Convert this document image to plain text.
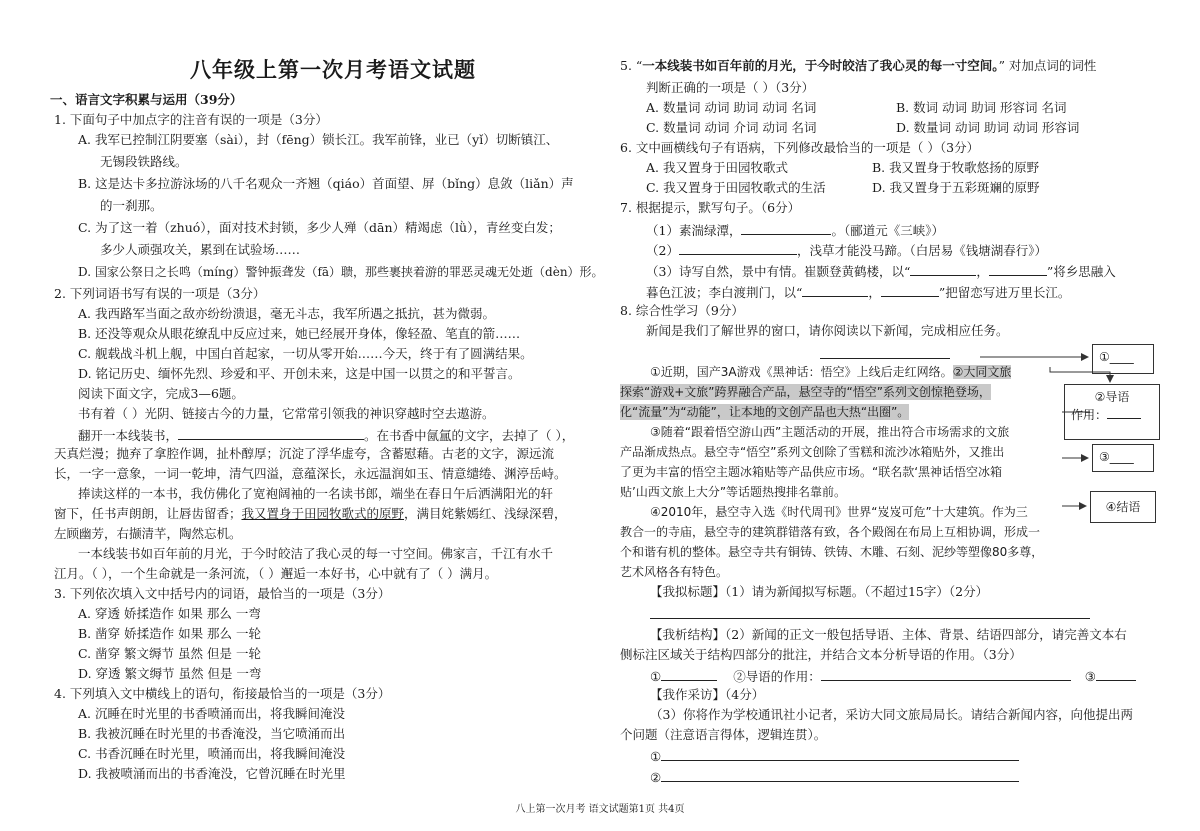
八年级上第一次月考语文试题
一、语言文字积累与运用（39分）
1. 下面句子中加点字的注音有误的一项是（3分）
A. 我军已控制江阴要塞（sài），封（fēng）锁长江。我军前锋，业已（yǐ）切断镇江、
无锡段铁路线。
B. 这是达卡多拉游泳场的八千名观众一齐翘（qiáo）首面望、屏（bǐng）息敛（liǎn）声
的一刹那。
C. 为了这一着（zhuó），面对技术封锁，多少人殚（dān）精竭虑（lǜ），青丝变白发；
多少人顽强攻关，累到在试验场……
D. 国家公祭日之长鸣（míng）警钟振聋发（fā）聩，那些裹挟着游的罪恶灵魂无处逝（dèn）形。
2. 下列词语书写有误的一项是（3分）
A. 我西路军当面之敌亦纷纷溃退，毫无斗志，我军所遇之抵抗，甚为微弱。
B. 还没等观众从眼花缭乱中反应过来，她已经展开身体，像轻盈、笔直的箭……
C. 舰载战斗机上舰，中国白首起家，一切从零开始……今天，终于有了圆满结果。
D. 铭记历史、缅怀先烈、珍爱和平、开创未来，这是中国一以贯之的和平誓言。
阅读下面文字，完成3—6题。
书有着（ ）光阴、链接古今的力量，它常常引领我的神识穿越时空去遨游。
翻开一本线装书，	。在书香中氤氲的文字，去掉了（ ），
天真烂漫；抛弃了拿腔作调，扯朴醇厚；沉淀了浮华虚夸，含蓄慰藉。古老的文字，源远流
长，一字一意象，一词一乾坤，清气四溢，意蕴深长，永远温润如玉、情意缱绻、渊渟岳峙。
捧读这样的一本书，我仿佛化了宽袍阔袖的一名读书郎，端坐在春日午后洒满阳光的轩
窗下，任书声朗朗，让唇齿留香；我又置身于田园牧歌式的原野，满目姹紫嫣红、浅绿深碧，
左顾幽芳，右撷清芊，陶然忘机。
一本线装书如百年前的月光，于今时皎洁了我心灵的每一寸空间。佛家言，千江有水千
江月。（ ），一个生命就是一条河流，（ ）邂逅一本好书，心中就有了（ ）满月。
3. 下列依次填入文中括号内的词语，最恰当的一项是（3分）
A. 穿透 娇揉造作 如果 那么 一弯
B. 凿穿 娇揉造作 如果 那么 一轮
C. 凿穿 繁文缛节 虽然 但是 一轮
D. 穿透 繁文缛节 虽然 但是 一弯
4. 下列填入文中横线上的语句，衔接最恰当的一项是（3分）
A. 沉睡在时光里的书香喷涌而出，将我瞬间淹没
B. 我被沉睡在时光里的书香淹没，当它喷涌而出
C. 书香沉睡在时光里，喷涌而出，将我瞬间淹没
D. 我被喷涌而出的书香淹没，它曾沉睡在时光里
5. “一本线装书如百年前的月光，于今时皎洁了我心灵的每一寸空间。” 对加点词的词性
判断正确的一项是（ ）（3分）
A. 数量词 动词 助词 动词 名词	B. 数词 动词 助词 形容词 名词
C. 数量词 动词 介词 动词 名词	D. 数量词 动词 助词 动词 形容词
6. 文中画横线句子有语病，下列修改最恰当的一项是（ ）（3分）
A. 我又置身于田园牧歌式	B. 我又置身于牧歌悠扬的原野
C. 我又置身于田园牧歌式的生活	D. 我又置身于五彩斑斓的原野
7. 根据提示，默写句子。（6分）
（1）素湍绿潭，	。（郦道元《三峡》）
（2）	，浅草才能没马蹄。（白居易《钱塘湖春行》）
（3）诗写自然，景中有情。崔颢登黄鹤楼，以“	，	”将乡思融入
暮色江波；李白渡荆门，以“	，	”把留恋写进万里长江。
8. 综合性学习（9分）
新闻是我们了解世界的窗口，请你阅读以下新闻，完成相应任务。
①近期，国产3A游戏《黑神话：悟空》上线后走红网络。②大同文旅
探索“游戏+文旅”跨界融合产品，悬空寺的“悟空”系列文创惊艳登场，
化“流量”为“动能”，让本地的文创产品也大热“出圈”。
③随着“跟着悟空游山西”主题活动的开展，推出符合市场需求的文旅
产品渐成热点。悬空寺“悟空”系列文创除了雪糕和流沙冰箱贴外，又推出
了更为丰富的悟空主题冰箱贴等产品供应市场。“联名款‘黑神话悟空冰箱
贴’山西文旅上大分”等话题热搜排名靠前。
④2010年，悬空寺入选《时代周刊》世界“岌岌可危”十大建筑。作为三
教合一的寺庙，悬空寺的建筑群错落有致，各个殿阁在布局上互相协调，形成一
个和谐有机的整体。悬空寺共有铜铸、铁铸、木雕、石刻、泥纱等塑像80多尊，
艺术风格各有特色。
【我拟标题】（1）请为新闻拟写标题。（不超过15字）（2分）
【我析结构】（2）新闻的正文一般包括导语、主体、背景、结语四部分，请完善文本右
侧标注区域关于结构四部分的批注，并结合文本分析导语的作用。（3分）
①	②导语的作用：	③
【我作采访】（4分）
（3）你将作为学校通讯社小记者，采访大同文旅局局长。请结合新闻内容，向他提出两
个问题（注意语言得体，逻辑连贯）。
①
②
①____
②导语
作用：
③____
④结语
八上第一次月考 语文试题第1页 共4页
